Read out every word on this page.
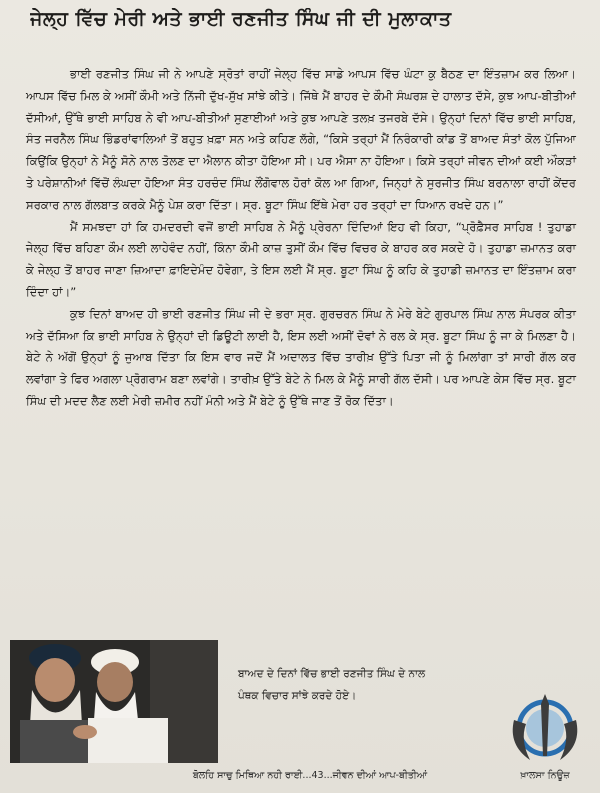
ਜੇਲ੍ਹ ਵਿੱਚ ਮੇਰੀ ਅਤੇ ਭਾਈ ਰਣਜੀਤ ਸਿੰਘ ਜੀ ਦੀ ਮੁਲਾਕਾਤ

ਭਾਈ ਰਣਜੀਤ ਸਿੰਘ ਜੀ ਨੇ ਆਪਣੇ ਸ੍ਰੋਤਾਂ ਰਾਹੀਂ ਜੇਲ੍ਹ ਵਿੱਚ ਸਾਡੇ ਆਪਸ ਵਿੱਚ ਘੰਟਾ ਕੁ ਬੈਠਣ ਦਾ ਇੰਤਜ਼ਾਮ ਕਰ ਲਿਆ। ਆਪਸ ਵਿੱਚ ਮਿਲ ਕੇ ਅਸੀਂ ਕੌਮੀ ਅਤੇ ਨਿੱਜੀ ਦੁੱਖ-ਸੁੱਖ ਸਾਂਝੇ ਕੀਤੇ। ਜਿੱਥੇ ਮੈਂ ਬਾਹਰ ਦੇ ਕੌਮੀ ਸੰਘਰਸ਼ ਦੇ ਹਾਲਾਤ ਦੱਸੇ, ਕੁਝ ਆਪ-ਬੀਤੀਆਂ ਦੱਸੀਆਂ, ਉੱਥੇ ਭਾਈ ਸਾਹਿਬ ਨੇ ਵੀ ਆਪ-ਬੀਤੀਆਂ ਸੁਣਾਈਆਂ ਅਤੇ ਕੁਝ ਆਪਣੇ ਤਲਖ਼ ਤਜਰਬੇ ਦੱਸੇ। ਉਨ੍ਹਾਂ ਦਿਨਾਂ ਵਿੱਚ ਭਾਈ ਸਾਹਿਬ, ਸੰਤ ਜਰਨੈਲ ਸਿੰਘ ਭਿੰਡਰਾਂਵਾਲਿਆਂ ਤੋਂ ਬਹੁਤ ਖ਼ਫ਼ਾ ਸਨ ਅਤੇ ਕਹਿਣ ਲੱਗੇ, “ਕਿਸੇ ਤਰ੍ਹਾਂ ਮੈਂ ਨਿਰੰਕਾਰੀ ਕਾਂਡ ਤੋਂ ਬਾਅਦ ਸੰਤਾਂ ਕੋਲ ਪੁੱਜਿਆ ਕਿਉਂਕਿ ਉਨ੍ਹਾਂ ਨੇ ਮੈਨੂੰ ਸੋਨੇ ਨਾਲ ਤੋਲਣ ਦਾ ਐਲਾਨ ਕੀਤਾ ਹੋਇਆ ਸੀ। ਪਰ ਐਸਾ ਨਾ ਹੋਇਆ। ਕਿਸੇ ਤਰ੍ਹਾਂ ਜੀਵਨ ਦੀਆਂ ਕਈ ਔਕੜਾਂ ਤੇ ਪਰੇਸ਼ਾਨੀਆਂ ਵਿੱਚੋਂ ਲੰਘਦਾ ਹੋਇਆ ਸੰਤ ਹਰਚੰਦ ਸਿੰਘ ਲੌਂਗੋਵਾਲ ਹੋਰਾਂ ਕੋਲ ਆ ਗਿਆ, ਜਿਨ੍ਹਾਂ ਨੇ ਸੁਰਜੀਤ ਸਿੰਘ ਬਰਨਾਲਾ ਰਾਹੀਂ ਕੇਂਦਰ ਸਰਕਾਰ ਨਾਲ ਗੱਲਬਾਤ ਕਰਕੇ ਮੈਨੂੰ ਪੇਸ਼ ਕਰਾ ਦਿੱਤਾ। ਸ੍ਰ. ਬੂਟਾ ਸਿੰਘ ਇੱਥੇ ਮੇਰਾ ਹਰ ਤਰ੍ਹਾਂ ਦਾ ਧਿਆਨ ਰਖਦੇ ਹਨ।”

ਮੈਂ ਸਮਝਦਾ ਹਾਂ ਕਿ ਹਮਦਰਦੀ ਵਜੋਂ ਭਾਈ ਸਾਹਿਬ ਨੇ ਮੈਨੂੰ ਪ੍ਰੇਰਨਾ ਦਿੰਦਿਆਂ ਇਹ ਵੀ ਕਿਹਾ, “ਪ੍ਰੋਫ਼ੈਸਰ ਸਾਹਿਬ ! ਤੁਹਾਡਾ ਜੇਲ੍ਹ ਵਿੱਚ ਬਹਿਣਾ ਕੌਮ ਲਈ ਲਾਹੇਵੰਦ ਨਹੀਂ, ਕਿੰਨਾ ਕੌਮੀ ਕਾਜ਼ ਤੁਸੀਂ ਕੌਮ ਵਿੱਚ ਵਿਚਰ ਕੇ ਬਾਹਰ ਕਰ ਸਕਦੇ ਹੋ। ਤੁਹਾਡਾ ਜ਼ਮਾਨਤ ਕਰਾ ਕੇ ਜੇਲ੍ਹ ਤੋਂ ਬਾਹਰ ਜਾਣਾ ਜ਼ਿਆਦਾ ਫ਼ਾਇਦੇਮੰਦ ਹੋਵੇਗਾ, ਤੇ ਇਸ ਲਈ ਮੈਂ ਸ੍ਰ. ਬੂਟਾ ਸਿੰਘ ਨੂੰ ਕਹਿ ਕੇ ਤੁਹਾਡੀ ਜ਼ਮਾਨਤ ਦਾ ਇੰਤਜ਼ਾਮ ਕਰਾ ਦਿੰਦਾ ਹਾਂ।”

ਕੁਝ ਦਿਨਾਂ ਬਾਅਦ ਹੀ ਭਾਈ ਰਣਜੀਤ ਸਿੰਘ ਜੀ ਦੇ ਭਰਾ ਸ੍ਰ. ਗੁਰਚਰਨ ਸਿੰਘ ਨੇ ਮੇਰੇ ਬੇਟੇ ਗੁਰਪਾਲ ਸਿੰਘ ਨਾਲ ਸੰਪਰਕ ਕੀਤਾ ਅਤੇ ਦੱਸਿਆ ਕਿ ਭਾਈ ਸਾਹਿਬ ਨੇ ਉਨ੍ਹਾਂ ਦੀ ਡਿਊਟੀ ਲਾਈ ਹੈ, ਇਸ ਲਈ ਅਸੀਂ ਦੋਵਾਂ ਨੇ ਰਲ ਕੇ ਸ੍ਰ. ਬੂਟਾ ਸਿੰਘ ਨੂੰ ਜਾ ਕੇ ਮਿਲਣਾ ਹੈ। ਬੇਟੇ ਨੇ ਅੱਗੋਂ ਉਨ੍ਹਾਂ ਨੂੰ ਜੁਆਬ ਦਿੱਤਾ ਕਿ ਇਸ ਵਾਰ ਜਦੋਂ ਮੈਂ ਅਦਾਲਤ ਵਿੱਚ ਤਾਰੀਖ਼ ਉੱਤੇ ਪਿਤਾ ਜੀ ਨੂੰ ਮਿਲਾਂਗਾ ਤਾਂ ਸਾਰੀ ਗੱਲ ਕਰ ਲਵਾਂਗਾ ਤੇ ਫਿਰ ਅਗਲਾ ਪ੍ਰੋਗਰਾਮ ਬਣਾ ਲਵਾਂਗੇ। ਤਾਰੀਖ਼ ਉੱਤੇ ਬੇਟੇ ਨੇ ਮਿਲ ਕੇ ਮੈਨੂੰ ਸਾਰੀ ਗੱਲ ਦੱਸੀ। ਪਰ ਆਪਣੇ ਕੇਸ ਵਿੱਚ ਸ੍ਰ. ਬੂਟਾ ਸਿੰਘ ਦੀ ਮਦਦ ਲੈਣ ਲਈ ਮੇਰੀ ਜ਼ਮੀਰ ਨਹੀਂ ਮੰਨੀ ਅਤੇ ਮੈਂ ਬੇਟੇ ਨੂੰ ਉੱਥੇ ਜਾਣ ਤੋਂ ਰੋਕ ਦਿੱਤਾ।

ਬਾਅਦ ਦੇ ਦਿਨਾਂ ਵਿੱਚ ਭਾਈ ਰਣਜੀਤ ਸਿੰਘ ਦੇ ਨਾਲ
ਪੰਥਕ ਵਿਚਾਰ ਸਾਂਝੇ ਕਰਦੇ ਹੋਏ।
ਖ਼ਾਲਸਾ ਨਿਊਜ਼
ਬੋਲਹਿ ਸਾਚੁ ਮਿਥਿਆ ਨਹੀ ਰਾਈ...43...ਜੀਵਨ ਦੀਆਂ ਆਪ-ਬੀਤੀਆਂ
